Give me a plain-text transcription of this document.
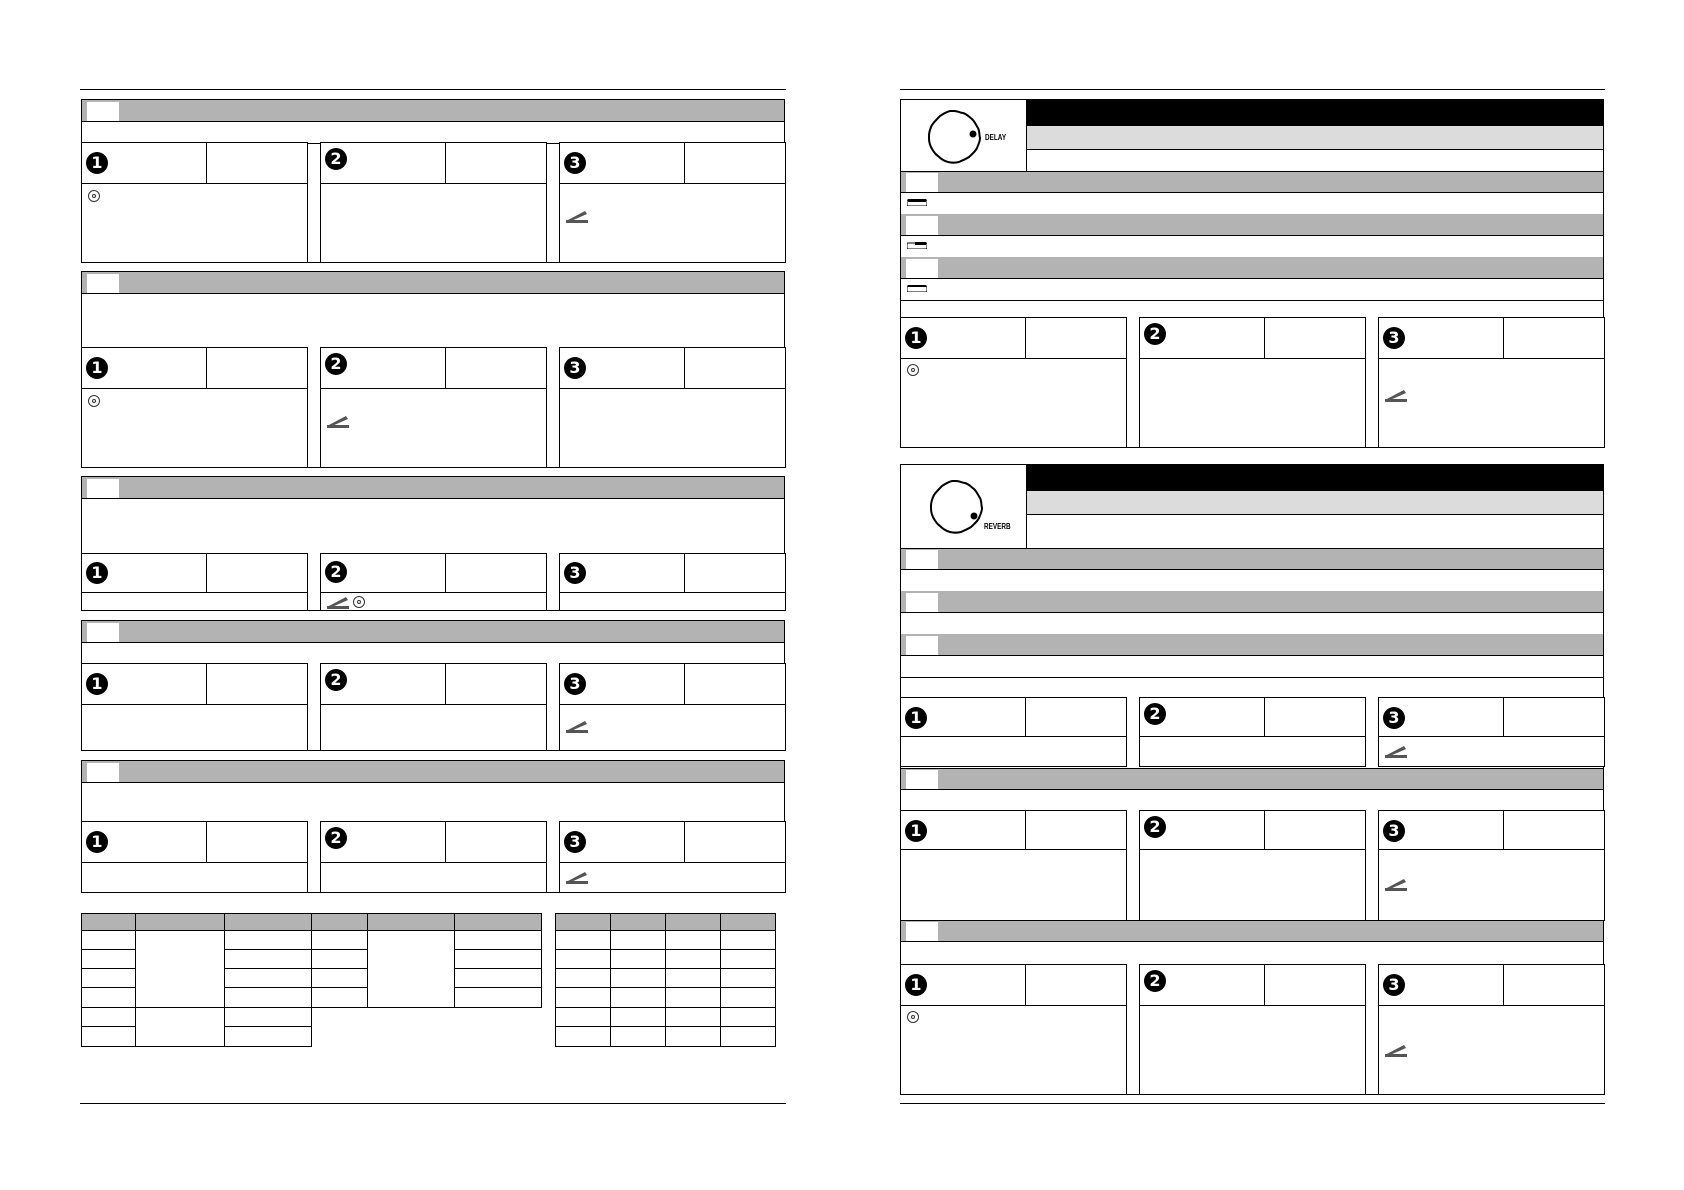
1	2	3
1	2	3
1	2	3
1	2	3
1	2	3
DELAY
1	2	3
REVERB
1	2	3
1	2	3
1	2	3
